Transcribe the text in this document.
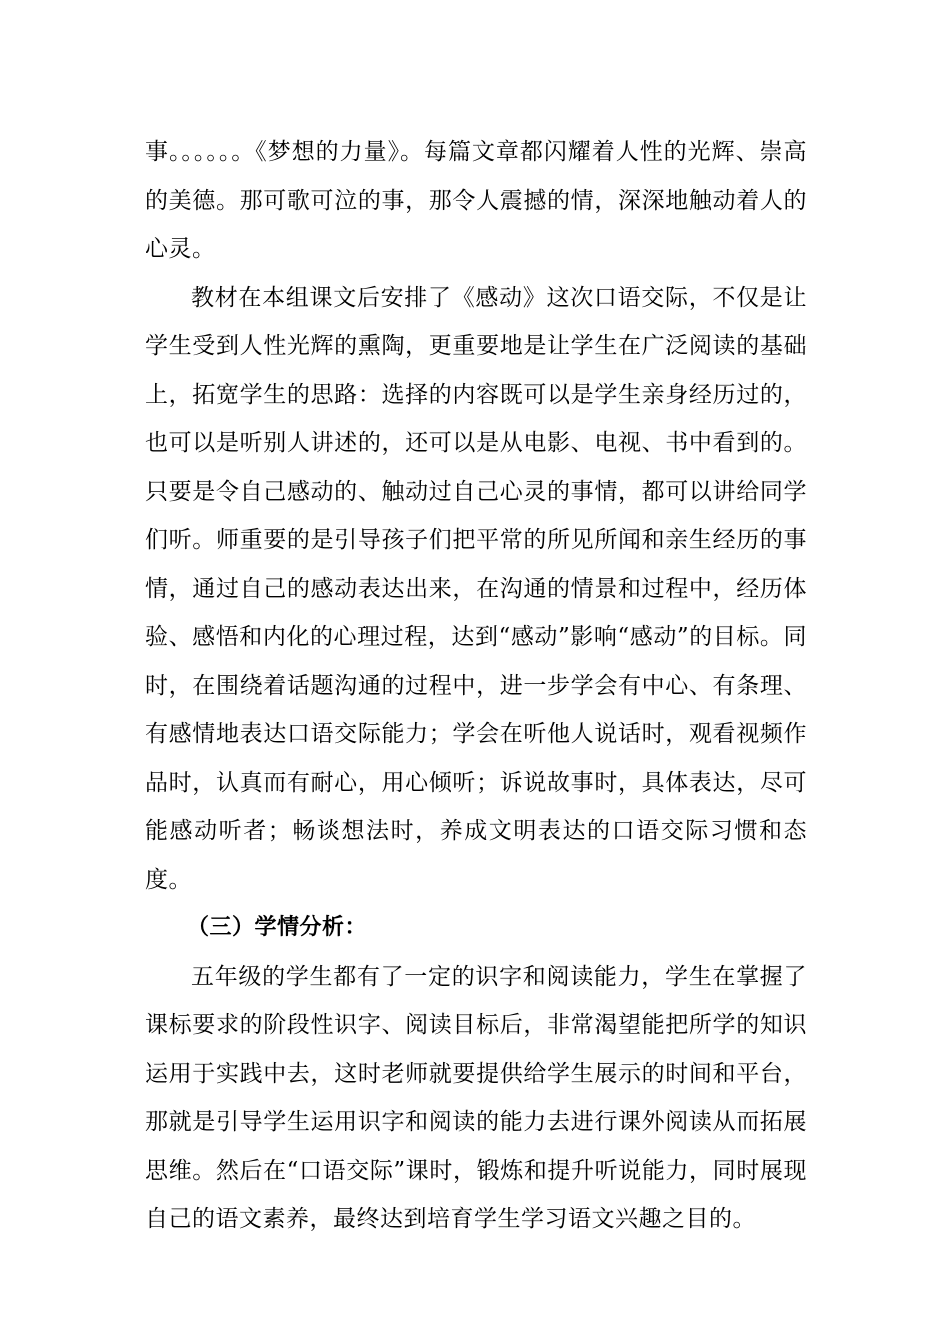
事。。。。。。《梦想的力量》。每篇文章都闪耀着人性的光辉、崇高的美德。那可歌可泣的事，那令人震撼的情，深深地触动着人的心灵。

教材在本组课文后安排了《感动》这次口语交际，不仅是让学生受到人性光辉的熏陶，更重要地是让学生在广泛阅读的基础上，拓宽学生的思路：选择的内容既可以是学生亲身经历过的，也可以是听别人讲述的，还可以是从电影、电视、书中看到的。只要是令自己感动的、触动过自己心灵的事情，都可以讲给同学们听。师重要的是引导孩子们把平常的所见所闻和亲生经历的事情，通过自己的感动表达出来，在沟通的情景和过程中，经历体验、感悟和内化的心理过程，达到“感动”影响“感动”的目标。同时，在围绕着话题沟通的过程中，进一步学会有中心、有条理、有感情地表达口语交际能力；学会在听他人说话时，观看视频作品时，认真而有耐心，用心倾听；诉说故事时，具体表达，尽可能感动听者；畅谈想法时，养成文明表达的口语交际习惯和态度。

（三）学情分析：

五年级的学生都有了一定的识字和阅读能力，学生在掌握了课标要求的阶段性识字、阅读目标后，非常渴望能把所学的知识运用于实践中去，这时老师就要提供给学生展示的时间和平台，那就是引导学生运用识字和阅读的能力去进行课外阅读从而拓展思维。然后在“口语交际”课时，锻炼和提升听说能力，同时展现自己的语文素养，最终达到培育学生学习语文兴趣之目的。
